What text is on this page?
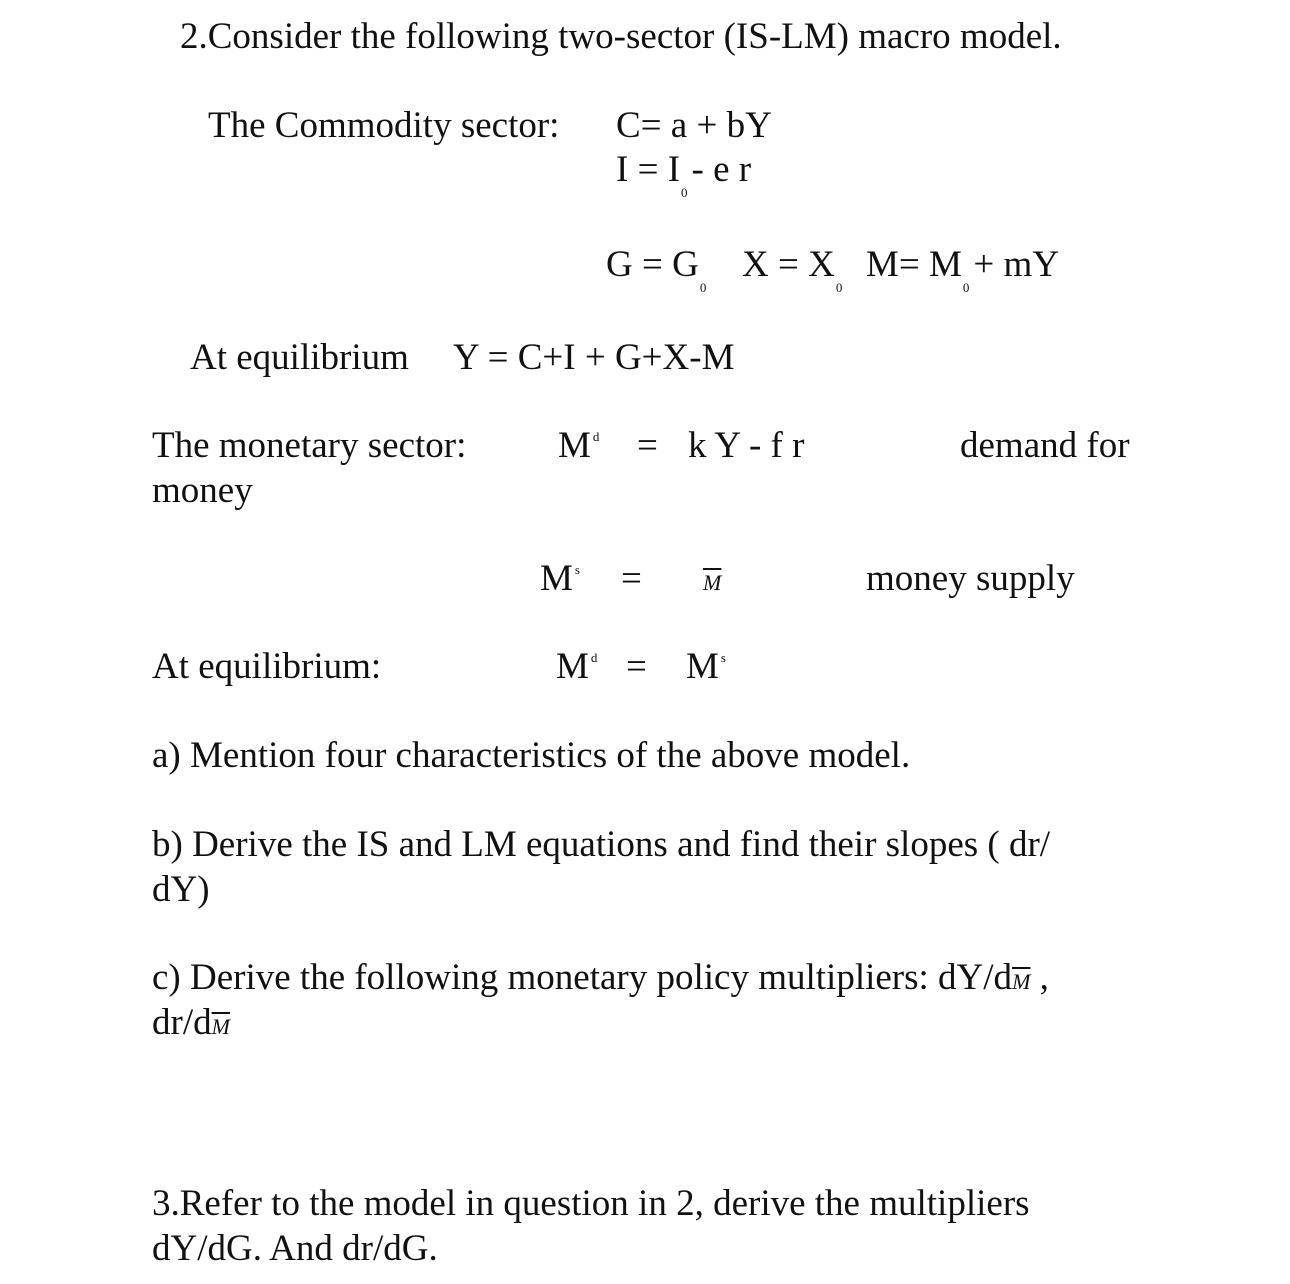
2.Consider the following two-sector (IS-LM) macro model.
The Commodity sector: C= a + bY
$I = I_0-$ e r
$G = G_0$
$X = X_0$
$M= M_0+$ mY
At equilibrium Y = C+I + G+X-M
The monetary sector: M $^d$ = k Y - f r	demand for
money
M $^s$ =	$\overline{M}$	money supply
At equilibrium:	M $^d$ = M $^s$
a) Mention four characteristics of the above model.
b) Derive the IS and LM equations and find their slopes ( dr/
dY)
c) Derive the following monetary policy multipliers: $dY/d\overline{M}$ ,
$dr/d\overline{M}$
3.Refer to the model in question in 2, derive the multipliers
dY/dG. And dr/dG.
